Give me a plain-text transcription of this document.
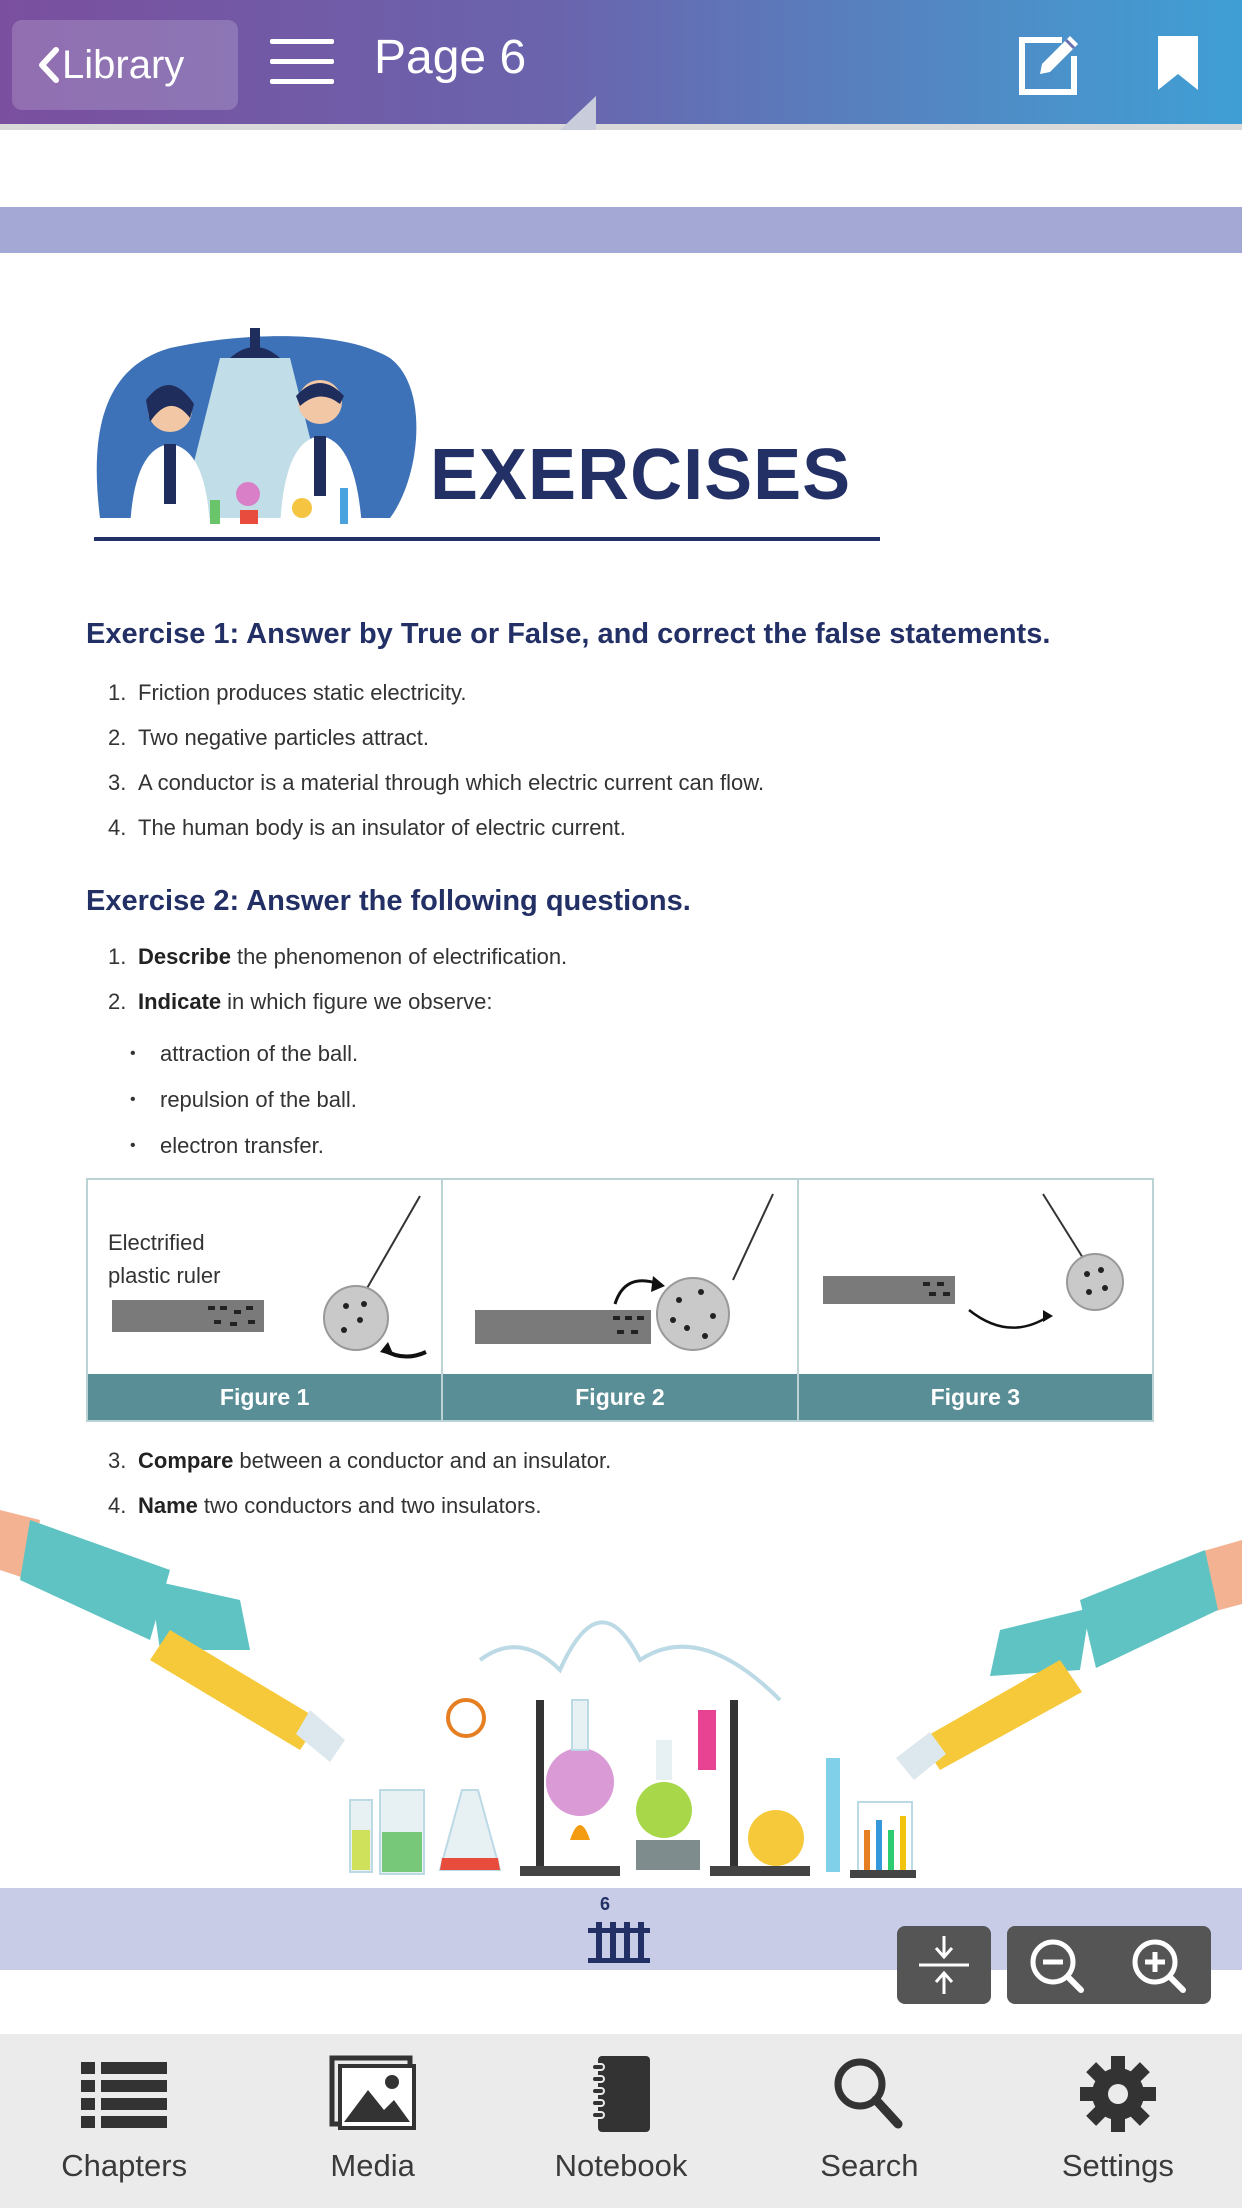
Library	Page 6
EXERCISES
Exercise 1: Answer by True or False, and correct the false statements.
1. Friction produces static electricity.
2. Two negative particles attract.
3. A conductor is a material through which electric current can flow.
4. The human body is an insulator of electric current.
Exercise 2: Answer the following questions.
1. Describe the phenomenon of electrification.
2. Indicate in which figure we observe:
•	attraction of the ball.
•	repulsion of the ball.
•	electron transfer.
Electrified
plastic ruler
Figure 1	Figure 2	Figure 3
3. Compare between a conductor and an insulator.
4. Name two conductors and two insulators.
6
Chapters	Media	Notebook	Search	Settings
